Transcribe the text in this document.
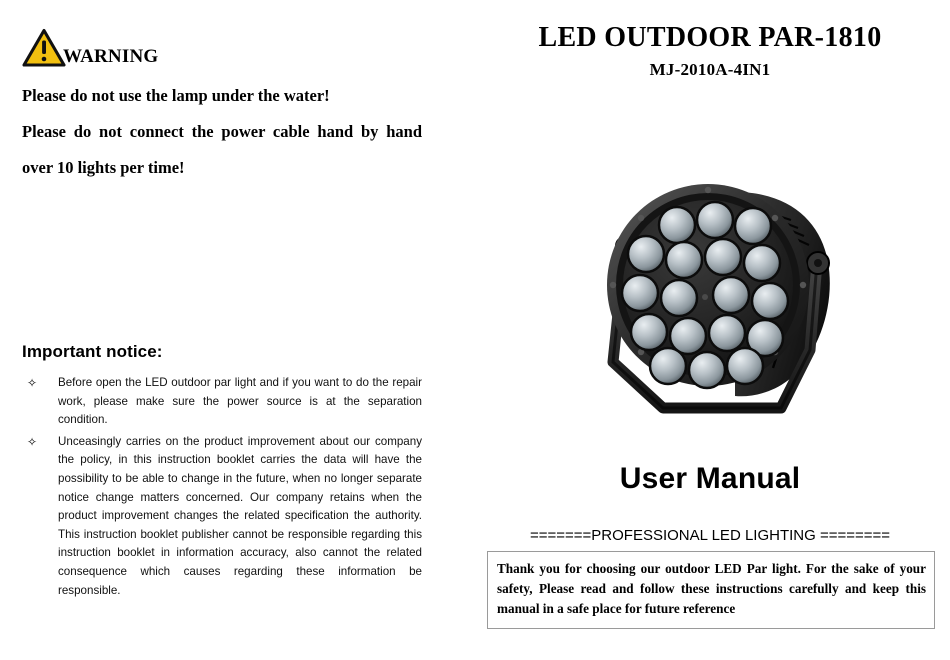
WARNING

Please do not use the lamp under the water!

Please do not connect the power cable hand by hand

over 10 lights per time!

Important notice:
✧ Before open the LED outdoor par light and if you want to do the repair work, please make sure the power source is at the separation condition.
✧ Unceasingly carries on the product improvement about our company the policy, in this instruction booklet carries the data will have the possibility to be able to change in the future, when no longer separate notice change matters concerned. Our company retains when the product improvement changes the related specification the authority. This instruction booklet publisher cannot be responsible regarding this instruction booklet in information accuracy, also cannot the related consequence which causes regarding these information be responsible.
LED OUTDOOR PAR-1810
MJ-2010A-4IN1
User Manual
=======PROFESSIONAL LED LIGHTING ========

Thank you for choosing our outdoor LED Par light. For the sake of your safety, Please read and follow these instructions carefully and keep this manual in a safe place for future reference
